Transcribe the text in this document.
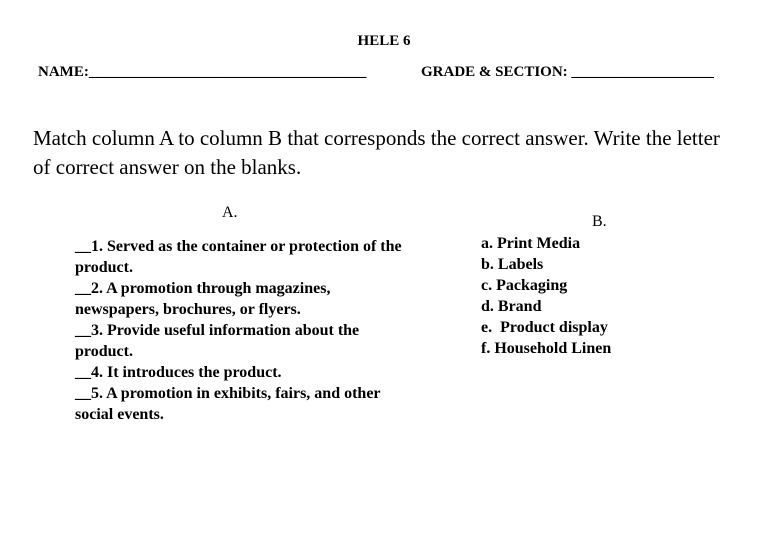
HELE 6
NAME:_____________________________________	GRADE & SECTION: ___________________
Match column A to column B that corresponds the correct answer. Write the letter of correct answer on the blanks.
A.
B.

__1. Served as the container or protection of the product.

__2. A promotion through magazines, newspapers, brochures, or flyers.

__3. Provide useful information about the product.

__4. It introduces the product.

__5. A promotion in exhibits, fairs, and other social events.

a. Print Media

b. Labels

c. Packaging

d. Brand

e.  Product display

f. Household Linen
